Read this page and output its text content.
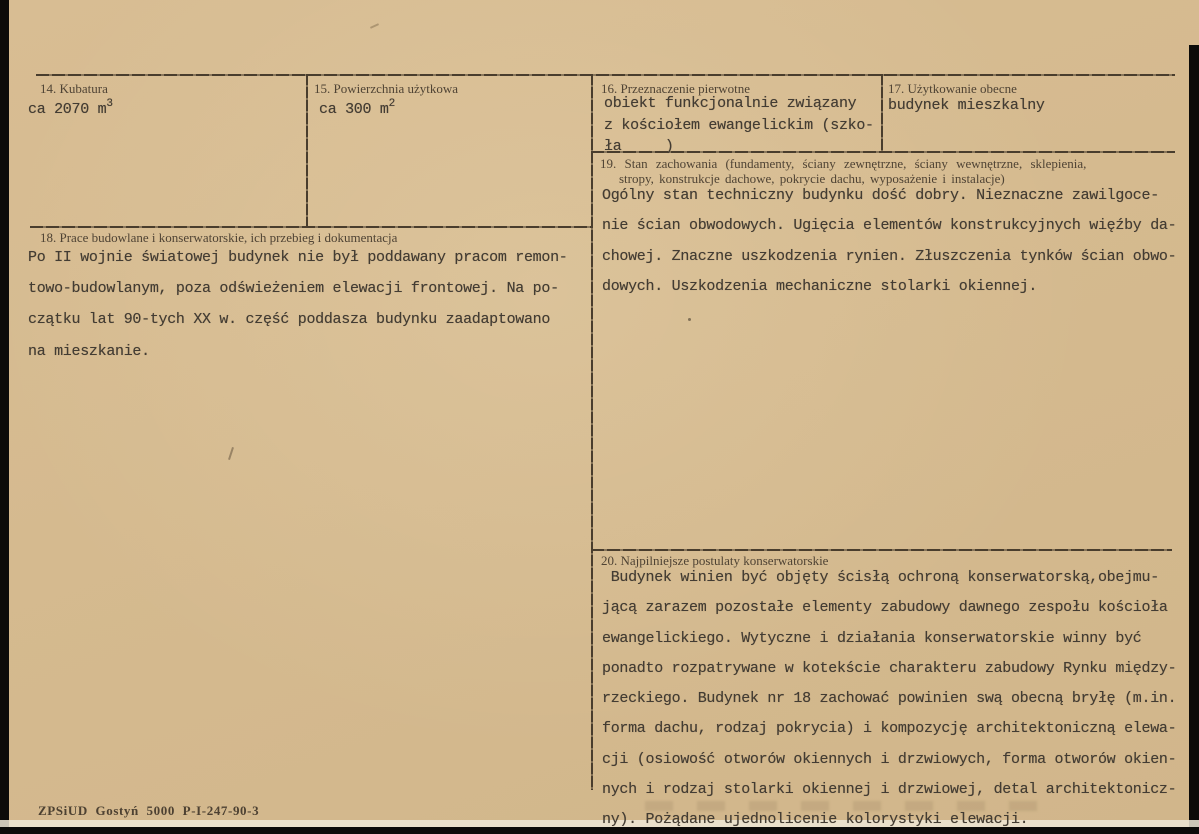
14. Kubatura
ca 2070 $m^3$
15. Powierzchnia użytkowa
ca 300 $m^2$
16. Przeznaczenie pierwotne
obiekt funkcjonalnie związany
z kościołem ewangelickim (szko-
ła     )
17. Użytkowanie obecne
budynek mieszkalny
19. Stan zachowania (fundamenty, ściany zewnętrzne, ściany wewnętrzne, sklepienia,
stropy, konstrukcje dachowe, pokrycie dachu, wyposażenie i instalacje)
Ogólny stan techniczny budynku dość dobry. Nieznaczne zawilgoce-
nie ścian obwodowych. Ugięcia elementów konstrukcyjnych więźby da-
chowej. Znaczne uszkodzenia rynien. Złuszczenia tynków ścian obwo-
dowych. Uszkodzenia mechaniczne stolarki okiennej.
18. Prace budowlane i konserwatorskie, ich przebieg i dokumentacja
Po II wojnie światowej budynek nie był poddawany pracom remon-
towo-budowlanym, poza odświeżeniem elewacji frontowej. Na po-
czątku lat 90-tych XX w. część poddasza budynku zaadaptowano
na mieszkanie.
20. Najpilniejsze postulaty konserwatorskie
Budynek winien być objęty ścisłą ochroną konserwatorską,obejmu-
jącą zarazem pozostałe elementy zabudowy dawnego zespołu kościoła
ewangelickiego. Wytyczne i działania konserwatorskie winny być
ponadto rozpatrywane w kotekście charakteru zabudowy Rynku między-
rzeckiego. Budynek nr 18 zachować powinien swą obecną bryłę (m.in.
forma dachu, rodzaj pokrycia) i kompozycję architektoniczną elewa-
cji (osiowość otworów okiennych i drzwiowych, forma otworów okien-
nych i rodzaj stolarki okiennej i drzwiowej, detal architektonicz-
ny). Pożądane ujednolicenie kolorystyki elewacji.
ZPSiUD  Gostyń  5000  P-I-247-90-3
